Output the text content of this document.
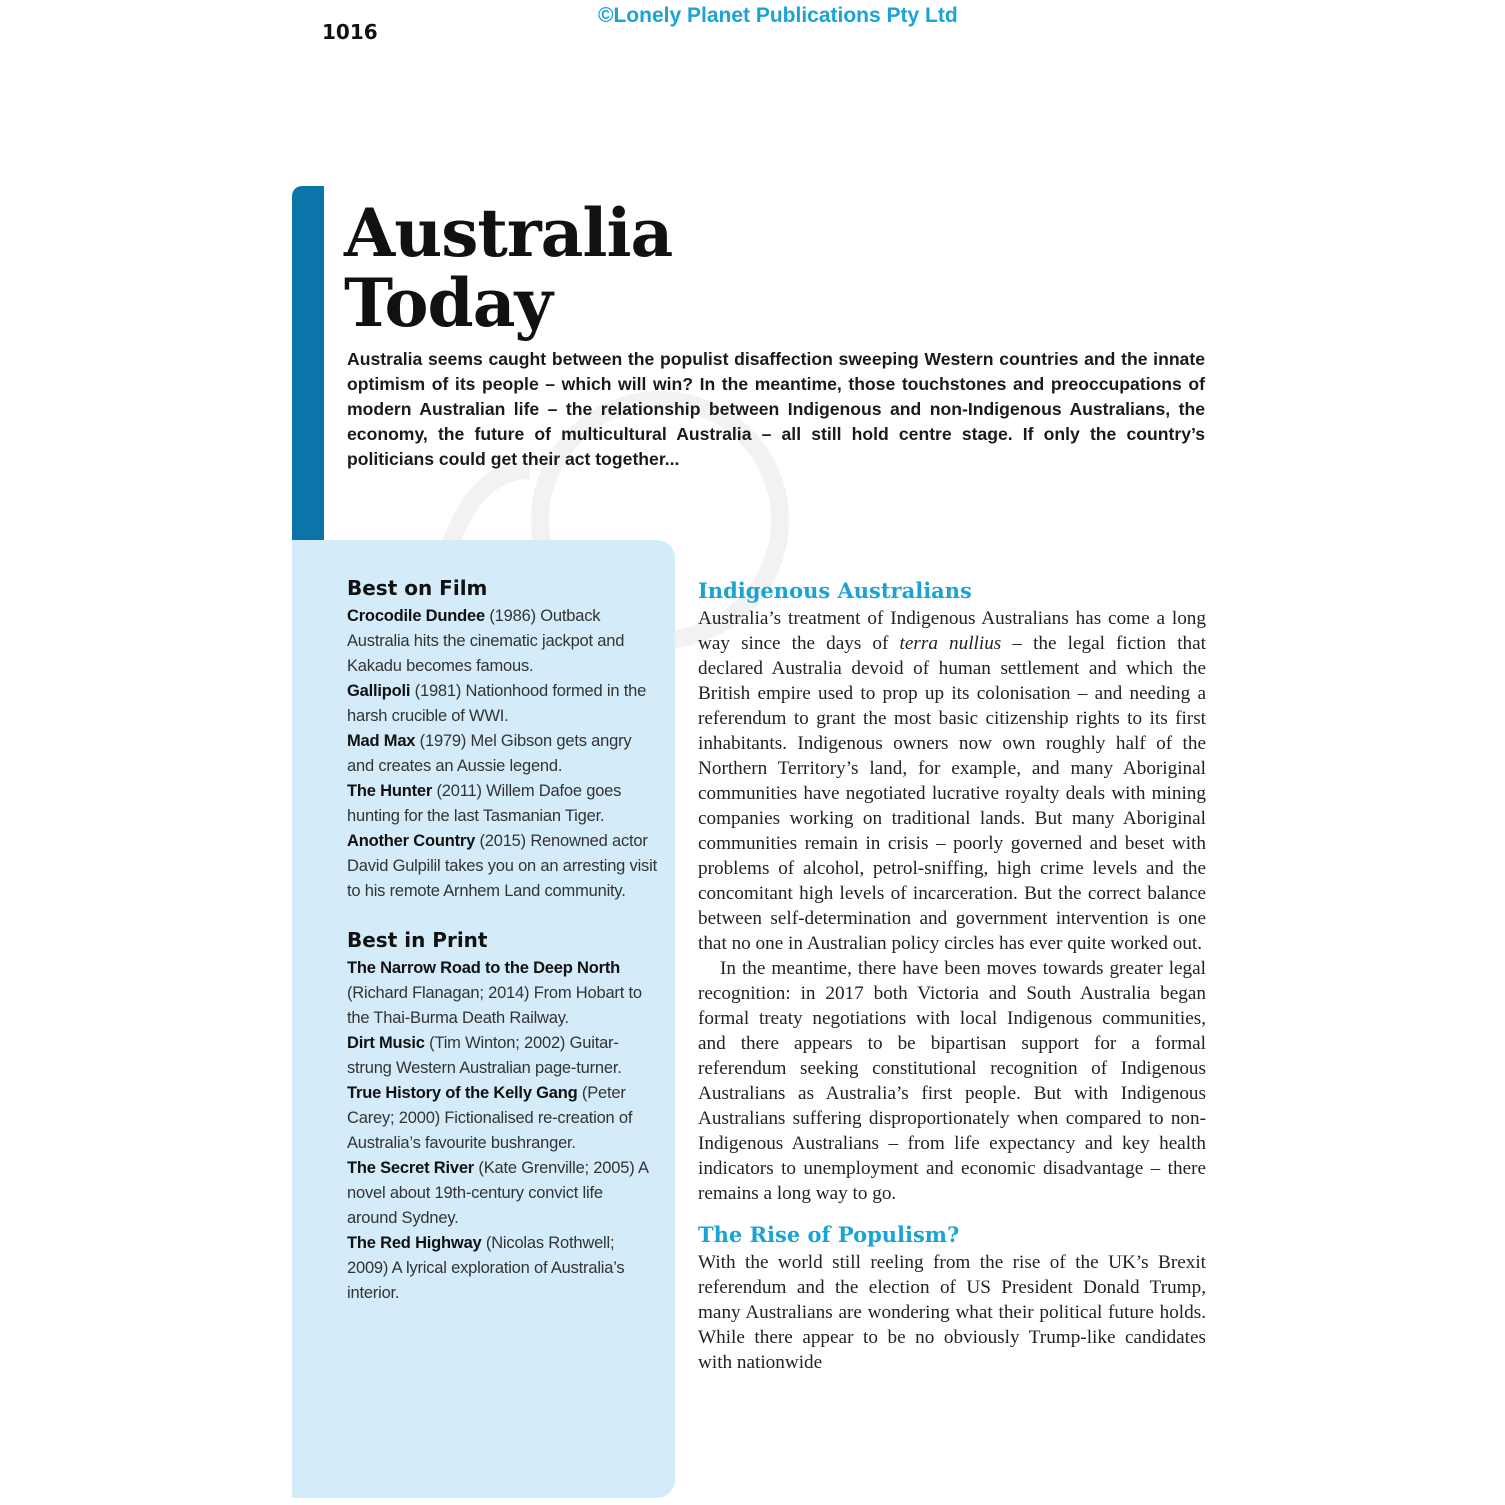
1016
©Lonely Planet Publications Pty Ltd
Australia
Today

Australia seems caught between the populist disaffection sweeping Western countries and the innate optimism of its people – which will win? In the meantime, those touchstones and preoccupations of modern Australian life – the relationship between Indigenous and non-Indigenous Australians, the economy, the future of multicultural Australia – all still hold centre stage. If only the country’s politicians could get their act together...

Best on Film
Crocodile Dundee (1986) Outback Australia hits the cinematic jackpot and Kakadu becomes famous.
Gallipoli (1981) Nationhood formed in the harsh crucible of WWI.
Mad Max (1979) Mel Gibson gets angry and creates an Aussie legend.
The Hunter (2011) Willem Dafoe goes hunting for the last Tasmanian Tiger.
Another Country (2015) Renowned actor David Gulpilil takes you on an arresting visit to his remote Arnhem Land community.
Best in Print
The Narrow Road to the Deep North (Richard Flanagan; 2014) From Hobart to the Thai-Burma Death Railway.
Dirt Music (Tim Winton; 2002) Guitar-strung Western Australian page-turner.
True History of the Kelly Gang (Peter Carey; 2000) Fictionalised re-creation of Australia’s favourite bushranger.
The Secret River (Kate Grenville; 2005) A novel about 19th-century convict life around Sydney.
The Red Highway (Nicolas Rothwell; 2009) A lyrical exploration of Australia’s interior.
Indigenous Australians

Australia’s treatment of Indigenous Australians has come a long way since the days of terra nullius – the legal fiction that declared Australia devoid of human settlement and which the British empire used to prop up its colonisation – and needing a referendum to grant the most basic citizenship rights to its first inhabitants. Indigenous owners now own roughly half of the Northern Territory’s land, for example, and many Aboriginal communities have negotiated lucrative royalty deals with mining companies working on traditional lands. But many Aboriginal communities remain in crisis – poorly governed and beset with problems of alcohol, petrol-sniffing, high crime levels and the concomitant high levels of incarceration. But the correct balance between self-determination and government intervention is one that no one in Australian policy circles has ever quite worked out.

In the meantime, there have been moves towards greater legal recognition: in 2017 both Victoria and South Australia began formal treaty negotiations with local Indigenous communities, and there appears to be bipartisan support for a formal referendum seeking constitutional recognition of Indigenous Australians as Australia’s first people. But with Indigenous Australians suffering disproportionately when compared to non-Indigenous Australians – from life expectancy and key health indicators to unemployment and economic disadvantage – there remains a long way to go.

The Rise of Populism?

With the world still reeling from the rise of the UK’s Brexit referendum and the election of US President Donald Trump, many Australians are wondering what their political future holds. While there appear to be no obviously Trump-like candidates with nationwide
